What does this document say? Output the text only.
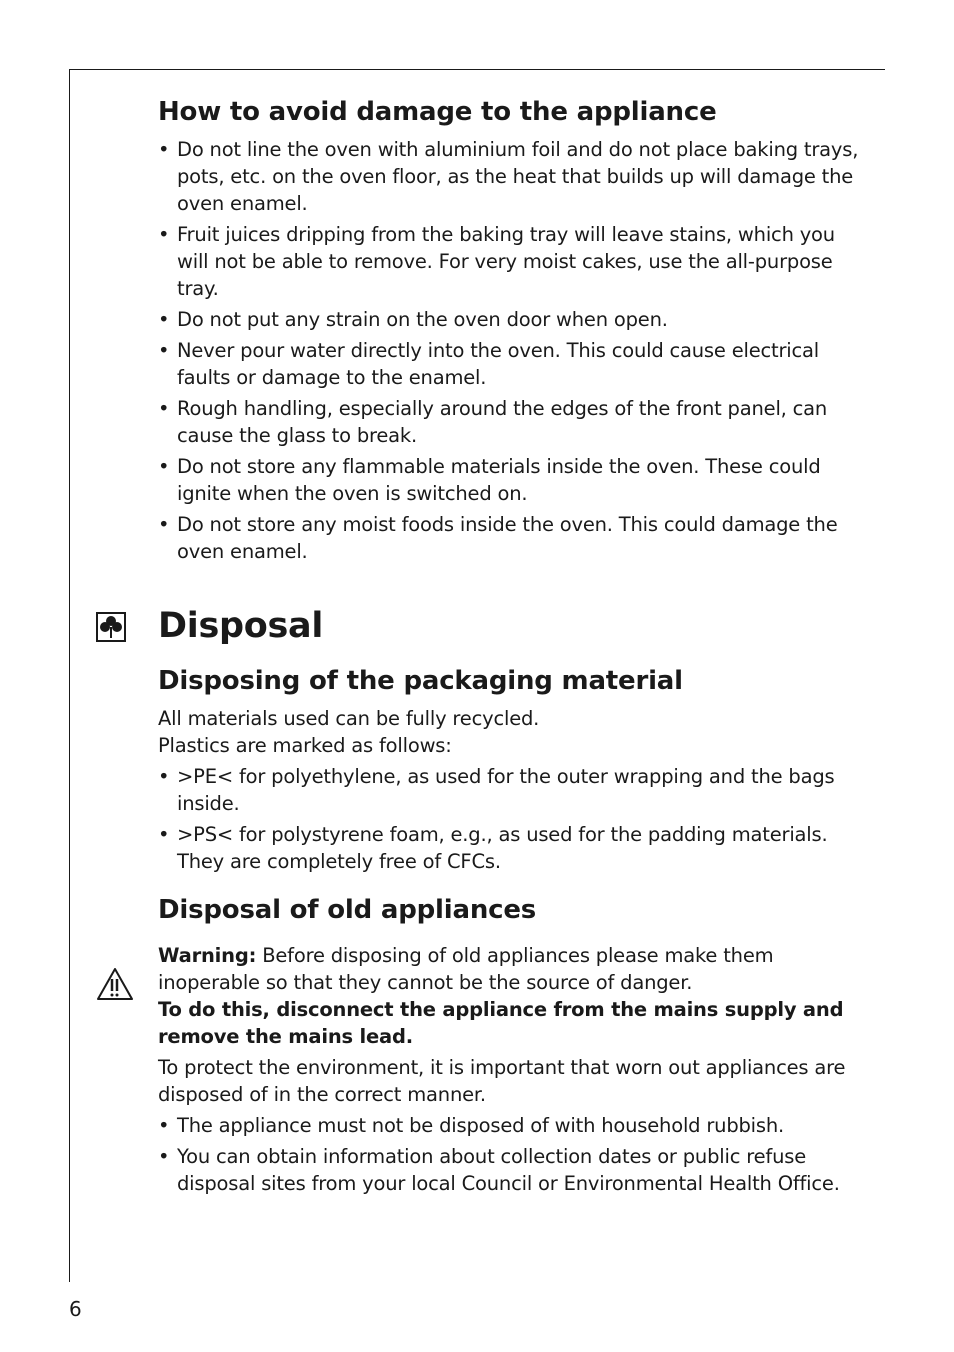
How to avoid damage to the appliance
• Do not line the oven with aluminium foil and do not place baking trays, pots, etc. on the oven floor, as the heat that builds up will damage the oven enamel.
• Fruit juices dripping from the baking tray will leave stains, which you will not be able to remove. For very moist cakes, use the all-purpose tray.
• Do not put any strain on the oven door when open.
• Never pour water directly into the oven. This could cause electrical faults or damage to the enamel.
• Rough handling, especially around the edges of the front panel, can cause the glass to break.
• Do not store any flammable materials inside the oven. These could ignite when the oven is switched on.
• Do not store any moist foods inside the oven. This could damage the oven enamel.
Disposal
Disposing of the packaging material

All materials used can be fully recycled.

Plastics are marked as follows:

• >PE< for polyethylene, as used for the outer wrapping and the bags inside.
• >PS< for polystyrene foam, e.g., as used for the padding materials. They are completely free of CFCs.
Disposal of old appliances

Warning: Before disposing of old appliances please make them inoperable so that they cannot be the source of danger.

To do this, disconnect the appliance from the mains supply and remove the mains lead.

To protect the environment, it is important that worn out appliances are disposed of in the correct manner.

• The appliance must not be disposed of with household rubbish.
• You can obtain information about collection dates or public refuse disposal sites from your local Council or Environmental Health Office.
6
